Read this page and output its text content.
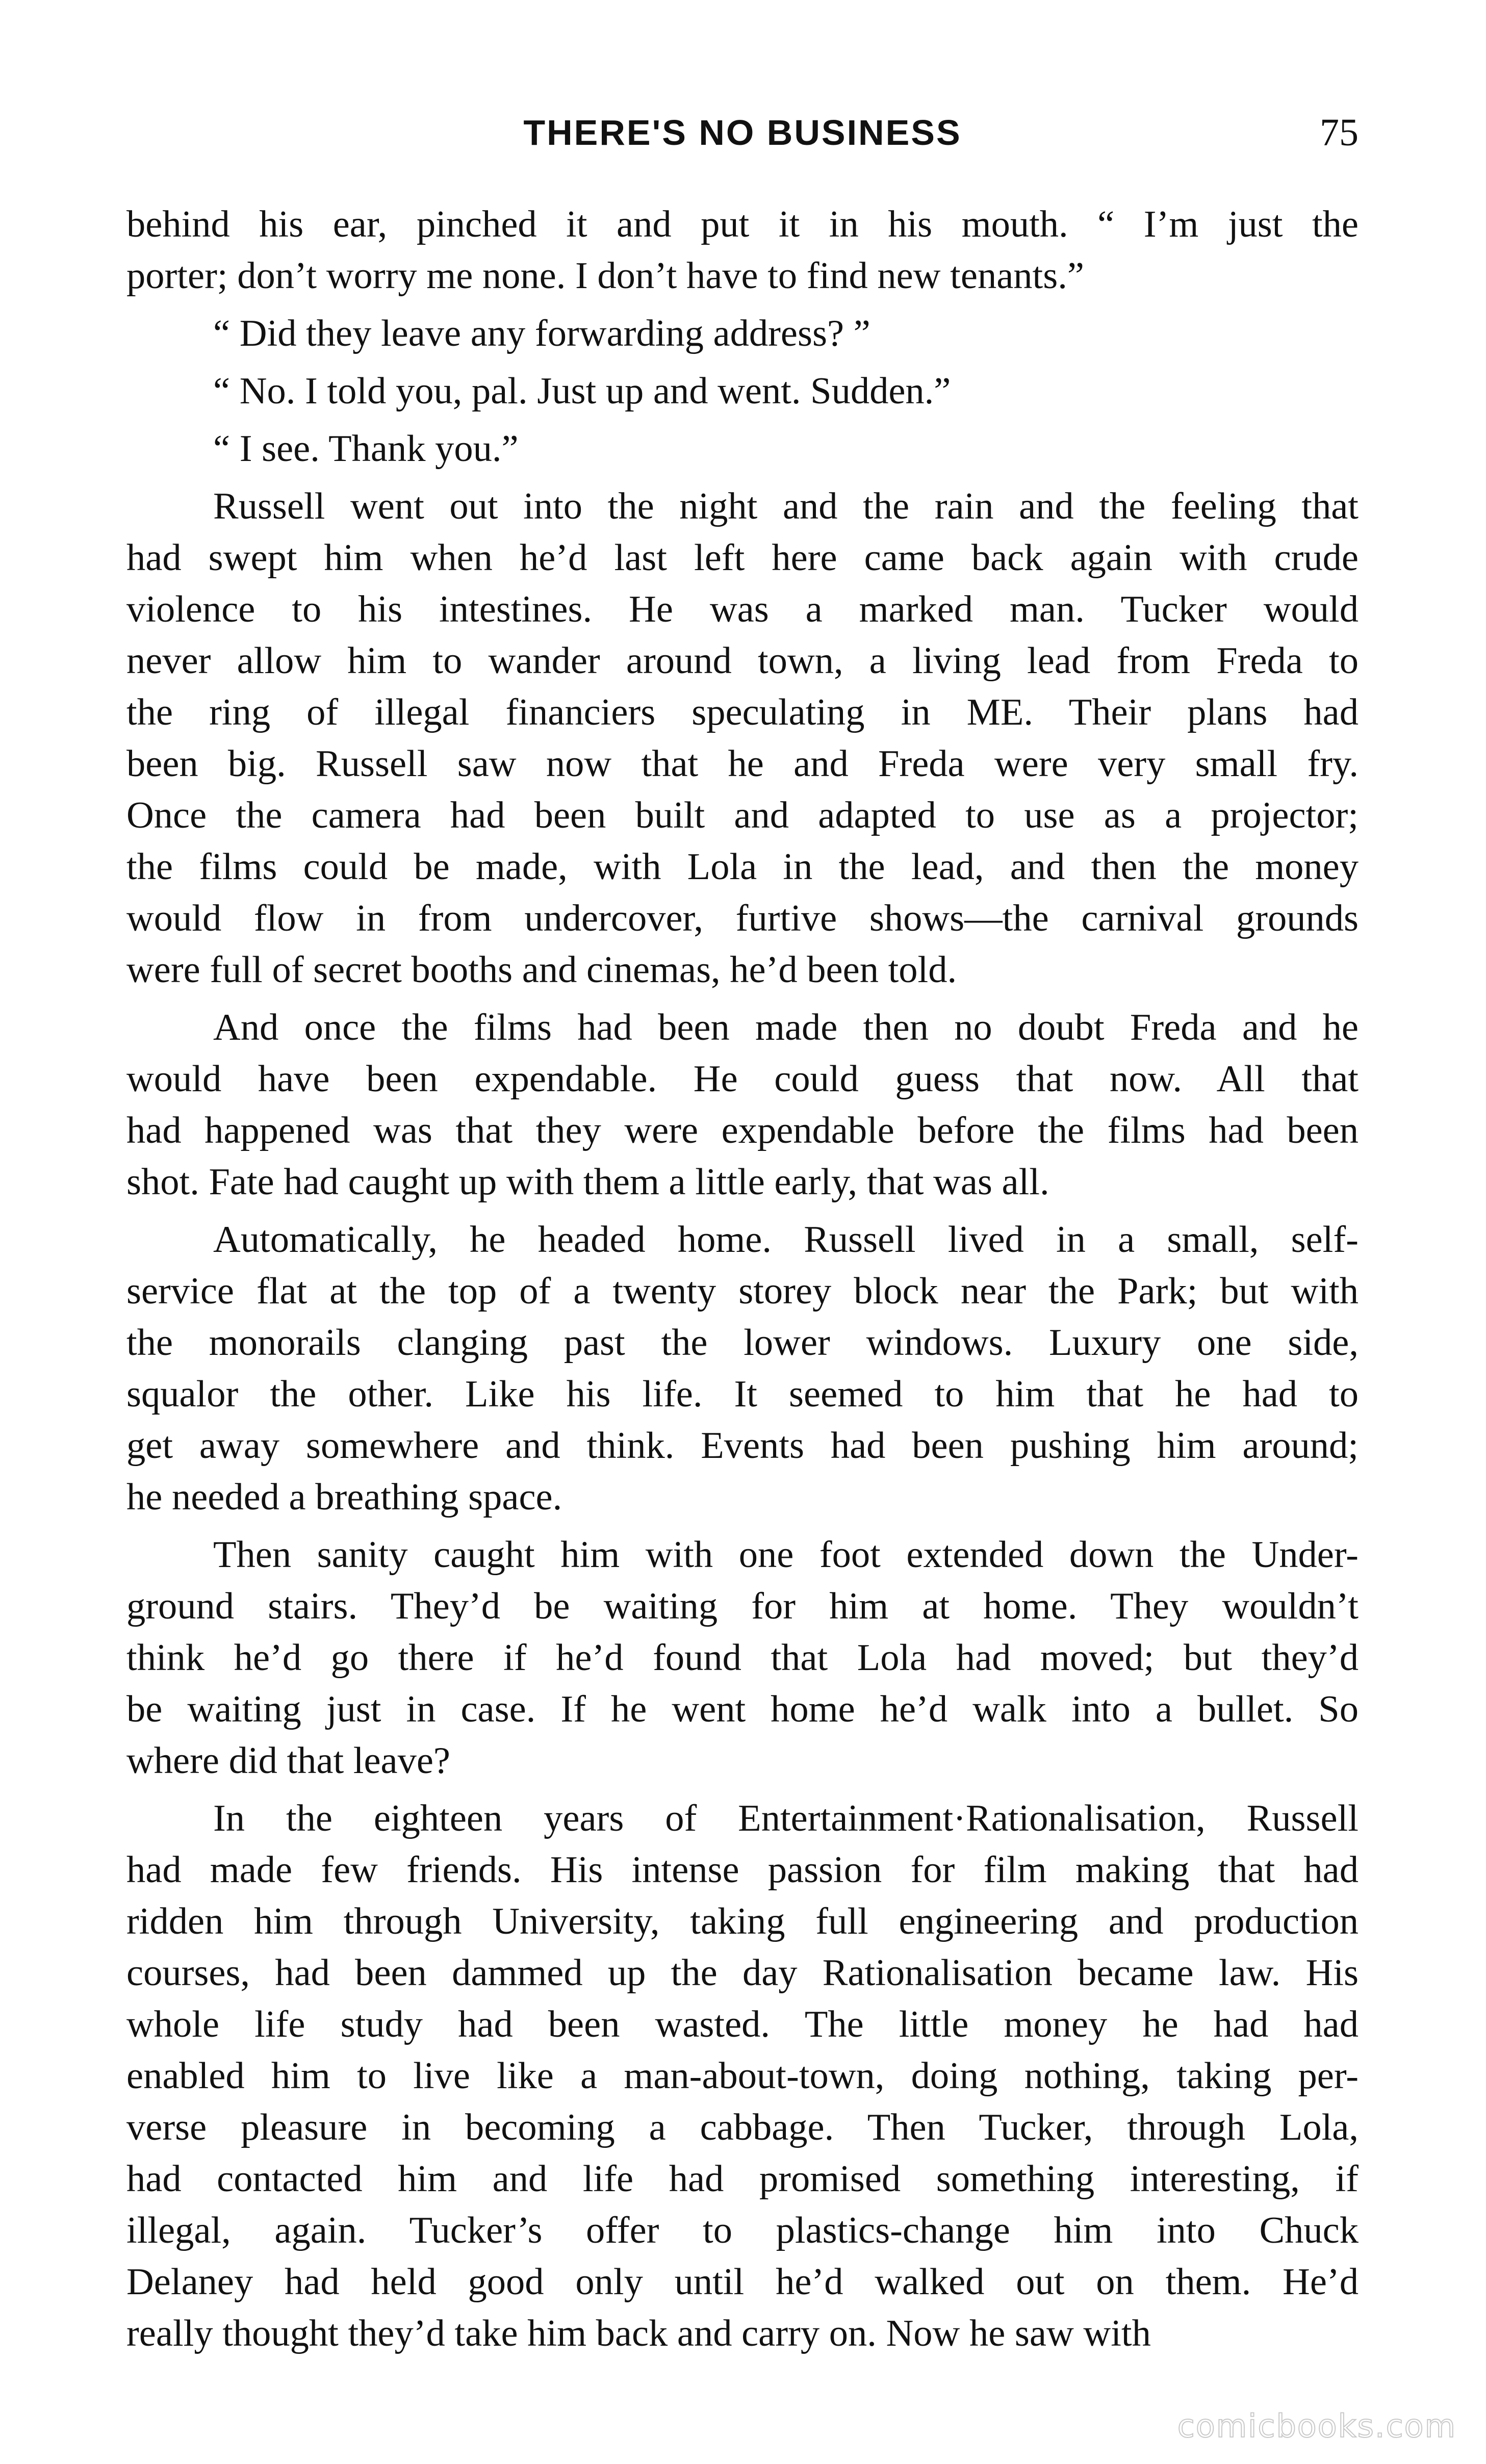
THERE'S NO BUSINESS	75

behind his ear, pinched it and put it in his mouth. “ I’m just the
porter; don’t worry me none. I don’t have to find new tenants.”

“ Did they leave any forwarding address? ”

“ No. I told you, pal. Just up and went. Sudden.”

“ I see. Thank you.”

Russell went out into the night and the rain and the feeling that
had swept him when he’d last left here came back again with crude
violence to his intestines. He was a marked man. Tucker would
never allow him to wander around town, a living lead from Freda to
the ring of illegal financiers speculating in ME. Their plans had
been big. Russell saw now that he and Freda were very small fry.
Once the camera had been built and adapted to use as a projector;
the films could be made, with Lola in the lead, and then the money
would flow in from undercover, furtive shows—the carnival grounds
were full of secret booths and cinemas, he’d been told.

And once the films had been made then no doubt Freda and he
would have been expendable. He could guess that now. All that
had happened was that they were expendable before the films had been
shot. Fate had caught up with them a little early, that was all.

Automatically, he headed home. Russell lived in a small, self-
service flat at the top of a twenty storey block near the Park; but with
the monorails clanging past the lower windows. Luxury one side,
squalor the other. Like his life. It seemed to him that he had to
get away somewhere and think. Events had been pushing him around;
he needed a breathing space.

Then sanity caught him with one foot extended down the Under-
ground stairs. They’d be waiting for him at home. They wouldn’t
think he’d go there if he’d found that Lola had moved; but they’d
be waiting just in case. If he went home he’d walk into a bullet. So
where did that leave?

In the eighteen years of Entertainment·Rationalisation, Russell
had made few friends. His intense passion for film making that had
ridden him through University, taking full engineering and production
courses, had been dammed up the day Rationalisation became law. His
whole life study had been wasted. The little money he had had
enabled him to live like a man-about-town, doing nothing, taking per-
verse pleasure in becoming a cabbage. Then Tucker, through Lola,
had contacted him and life had promised something interesting, if
illegal, again. Tucker’s offer to plastics-change him into Chuck
Delaney had held good only until he’d walked out on them. He’d
really thought they’d take him back and carry on. Now he saw with

comicbooks.com
